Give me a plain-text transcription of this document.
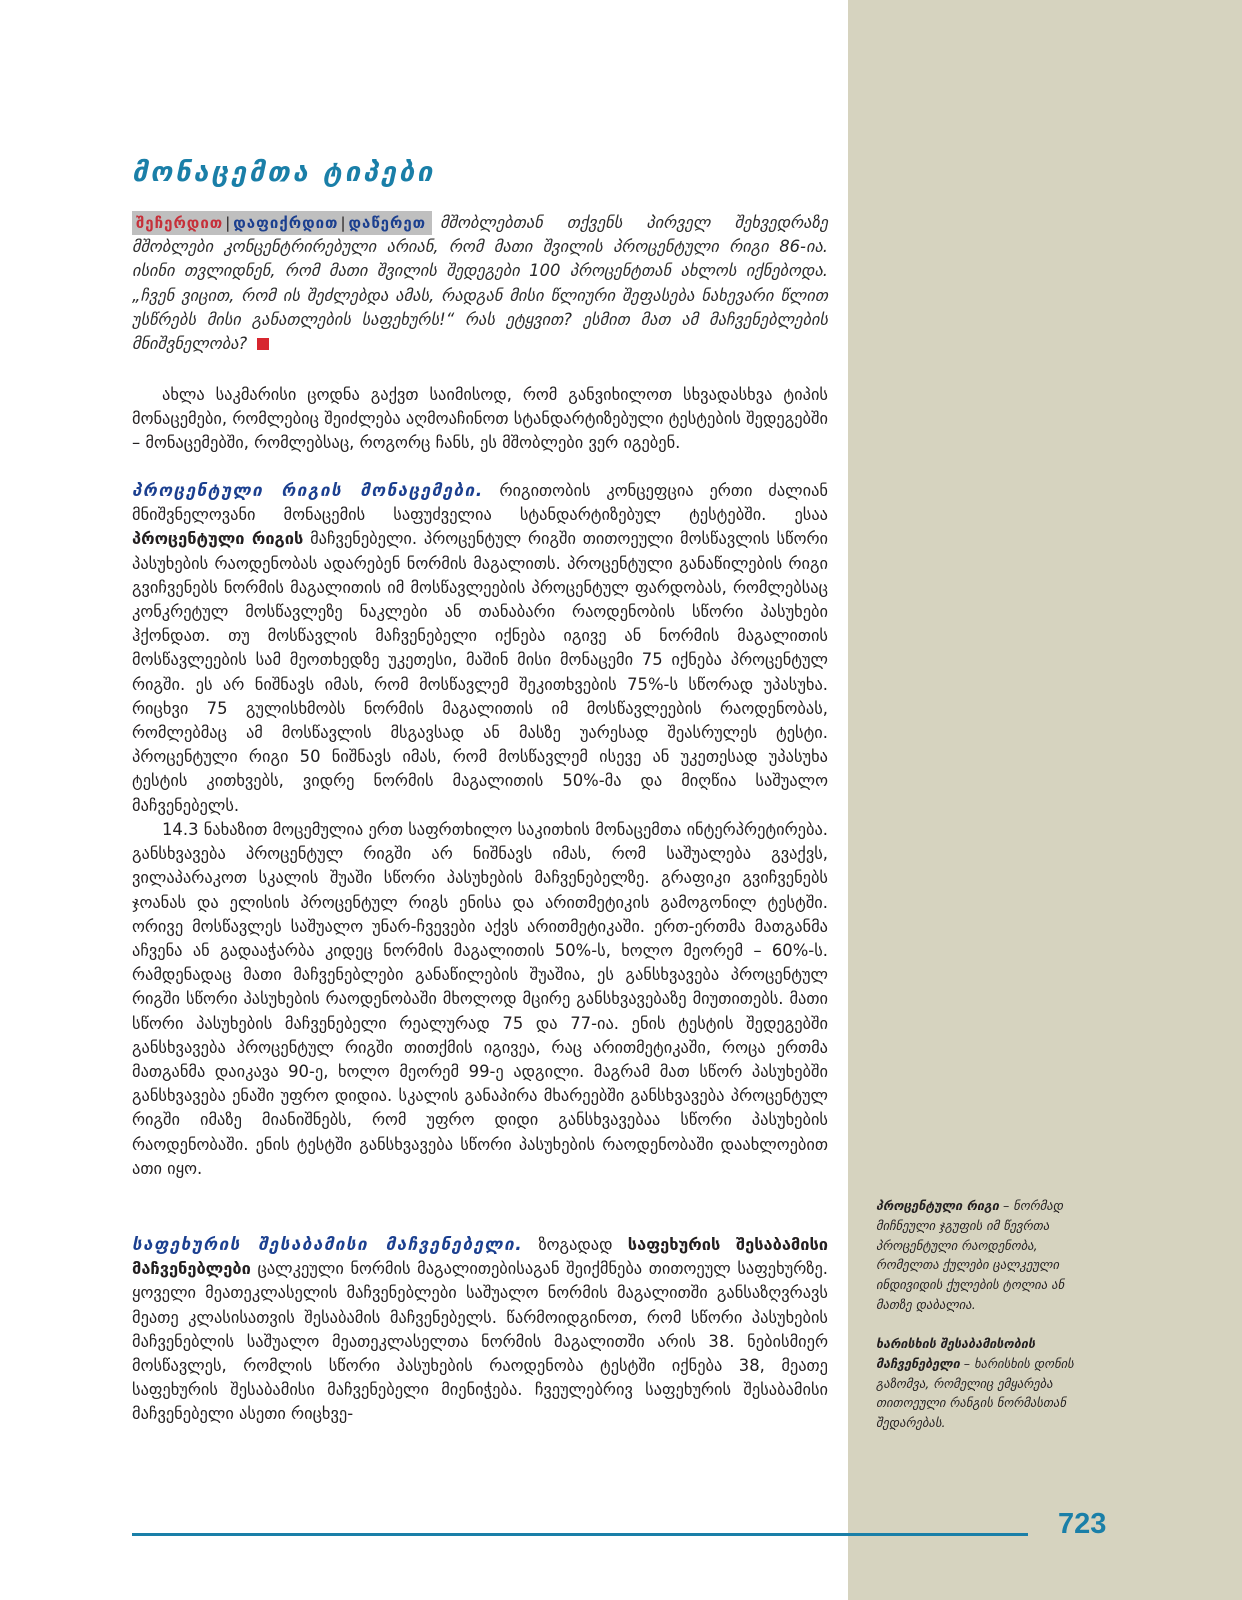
მონაცემთა ტიპები
შეჩერდით | დაფიქრდით | დაწერეთ მშობლებთან თქვენს პირველ შეხვედრაზე მშობლები კონცენტრირებული არიან, რომ მათი შვილის პროცენტული რიგი 86-ია. ისინი თვლიდნენ, რომ მათი შვილის შედეგები 100 პროცენტთან ახლოს იქნებოდა. „ჩვენ ვიცით, რომ ის შეძლებდა ამას, რადგან მისი წლიური შეფასება ნახევარი წლით უსწრებს მისი განათლების საფეხურს!“ რას ეტყვით? ესმით მათ ამ მაჩვენებლების მნიშვნელობა?

ახლა საკმარისი ცოდნა გაქვთ საიმისოდ, რომ განვიხილოთ სხვადასხვა ტიპის მონაცემები, რომლებიც შეიძლება აღმოაჩინოთ სტანდარტიზებული ტესტების შედეგებში – მონაცემებში, რომლებსაც, როგორც ჩანს, ეს მშობლები ვერ იგებენ.

პროცენტული რიგის მონაცემები. რიგითობის კონცეფცია ერთი ძალიან მნიშვნელოვანი მონაცემის საფუძველია სტანდარტიზებულ ტესტებში. ესაა პროცენტული რიგის მაჩვენებელი. პროცენტულ რიგში თითოეული მოსწავლის სწორი პასუხების რაოდენობას ადარებენ ნორმის მაგალითს. პროცენტული განაწილების რიგი გვიჩვენებს ნორმის მაგალითის იმ მოსწავლეების პროცენტულ ფარდობას, რომლებსაც კონკრეტულ მოსწავლეზე ნაკლები ან თანაბარი რაოდენობის სწორი პასუხები ჰქონდათ. თუ მოსწავლის მაჩვენებელი იქნება იგივე ან ნორმის მაგალითის მოსწავლეების სამ მეოთხედზე უკეთესი, მაშინ მისი მონაცემი 75 იქნება პროცენტულ რიგში. ეს არ ნიშნავს იმას, რომ მოსწავლემ შეკითხვების 75%-ს სწორად უპასუხა. რიცხვი 75 გულისხმობს ნორმის მაგალითის იმ მოსწავლეების რაოდენობას, რომლებმაც ამ მოსწავლის მსგავსად ან მასზე უარესად შეასრულეს ტესტი. პროცენტული რიგი 50 ნიშნავს იმას, რომ მოსწავლემ ისევე ან უკეთესად უპასუხა ტესტის კითხვებს, ვიდრე ნორმის მაგალითის 50%-მა და მიღწია საშუალო მაჩვენებელს.

14.3 ნახაზით მოცემულია ერთ საფრთხილო საკითხის მონაცემთა ინტერპრეტირება. განსხვავება პროცენტულ რიგში არ ნიშნავს იმას, რომ საშუალება გვაქვს, ვილაპარაკოთ სკალის შუაში სწორი პასუხების მაჩვენებელზე. გრაფიკი გვიჩვენებს ჯოანას და ელისის პროცენტულ რიგს ენისა და არითმეტიკის გამოგონილ ტესტში. ორივე მოსწავლეს საშუალო უნარ-ჩვევები აქვს არითმეტიკაში. ერთ-ერთმა მათგანმა აჩვენა ან გადააჭარბა კიდეც ნორმის მაგალითის 50%-ს, ხოლო მეორემ – 60%-ს. რამდენადაც მათი მაჩვენებლები განაწილების შუაშია, ეს განსხვავება პროცენტულ რიგში სწორი პასუხების რაოდენობაში მხოლოდ მცირე განსხვავებაზე მიუთითებს. მათი სწორი პასუხების მაჩვენებელი რეალურად 75 და 77-ია. ენის ტესტის შედეგებში განსხვავება პროცენტულ რიგში თითქმის იგივეა, რაც არითმეტიკაში, როცა ერთმა მათგანმა დაიკავა 90-ე, ხოლო მეორემ 99-ე ადგილი. მაგრამ მათ სწორ პასუხებში განსხვავება ენაში უფრო დიდია. სკალის განაპირა მხარეებში განსხვავება პროცენტულ რიგში იმაზე მიანიშნებს, რომ უფრო დიდი განსხვავებაა სწორი პასუხების რაოდენობაში. ენის ტესტში განსხვავება სწორი პასუხების რაოდენობაში დაახლოებით ათი იყო.

საფეხურის შესაბამისი მაჩვენებელი. ზოგადად საფეხურის შესაბამისი მაჩვენებლები ცალკეული ნორმის მაგალითებისაგან შეიქმნება თითოეულ საფეხურზე. ყოველი მეათეკლასელის მაჩვენებლები საშუალო ნორმის მაგალითში განსაზღვრავს მეათე კლასისათვის შესაბამის მაჩვენებელს. წარმოიდგინოთ, რომ სწორი პასუხების მაჩვენებლის საშუალო მეათეკლასელთა ნორმის მაგალითში არის 38. ნებისმიერ მოსწავლეს, რომლის სწორი პასუხების რაოდენობა ტესტში იქნება 38, მეათე საფეხურის შესაბამისი მაჩვენებელი მიენიჭება. ჩვეულებრივ საფეხურის შესაბამისი მაჩვენებელი ასეთი რიცხვე-

პროცენტული რიგი – ნორმად მიჩნეული ჯგუფის იმ წევრთა პროცენტული რაოდენობა, რომელთა ქულები ცალკეული ინდივიდის ქულების ტოლია ან მათზე დაბალია.

ხარისხის შესაბამისობის მაჩვენებელი – ხარისხის დონის გაზომვა, რომელიც ემყარება თითოეული რანგის ნორმასთან შედარებას.

723
